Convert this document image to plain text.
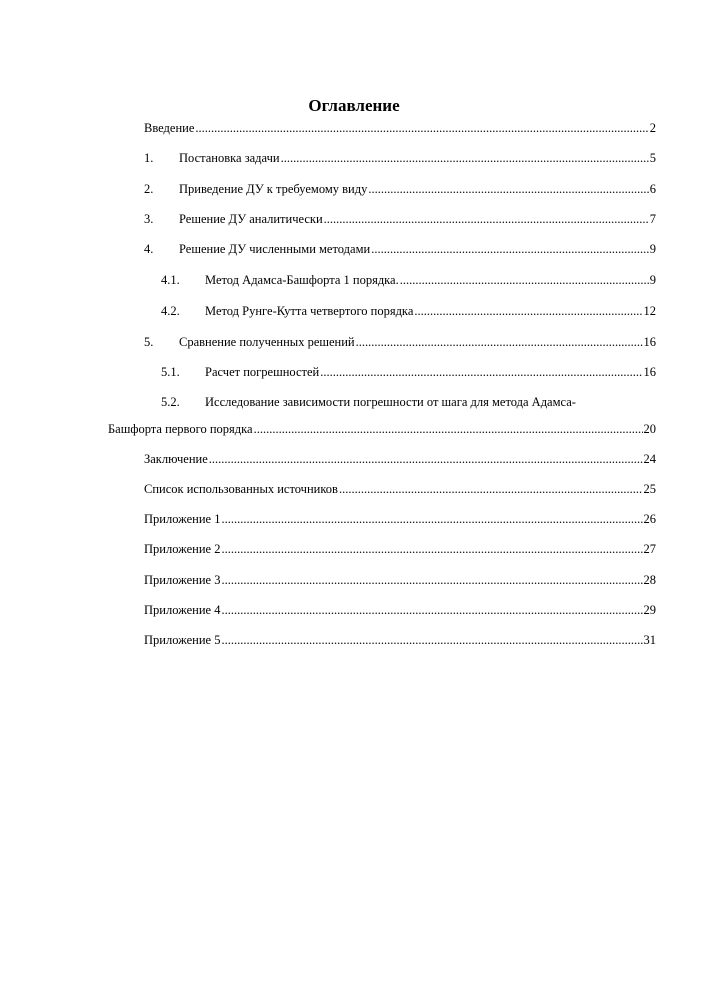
Оглавление
Введение .....	2
1.	Постановка задачи .....	5
2.	Приведение ДУ к требуемому виду .....	6
3.	Решение ДУ аналитически .....	7
4.	Решение ДУ численными методами .....	9
4.1.	Метод Адамса-Башфорта 1 порядка. .....	9
4.2.	Метод Рунге-Кутта четвертого порядка .....	12
5.	Сравнение полученных решений .....	16
5.1.	Расчет погрешностей .....	16
5.2. Исследование зависимости погрешности от шага для метода Адамса-
Башфорта первого порядка .....	20
Заключение .....	24
Список использованных источников .....	25
Приложение 1 .....	26
Приложение 2 .....	27
Приложение 3 .....	28
Приложение 4 .....	29
Приложение 5 .....	31
